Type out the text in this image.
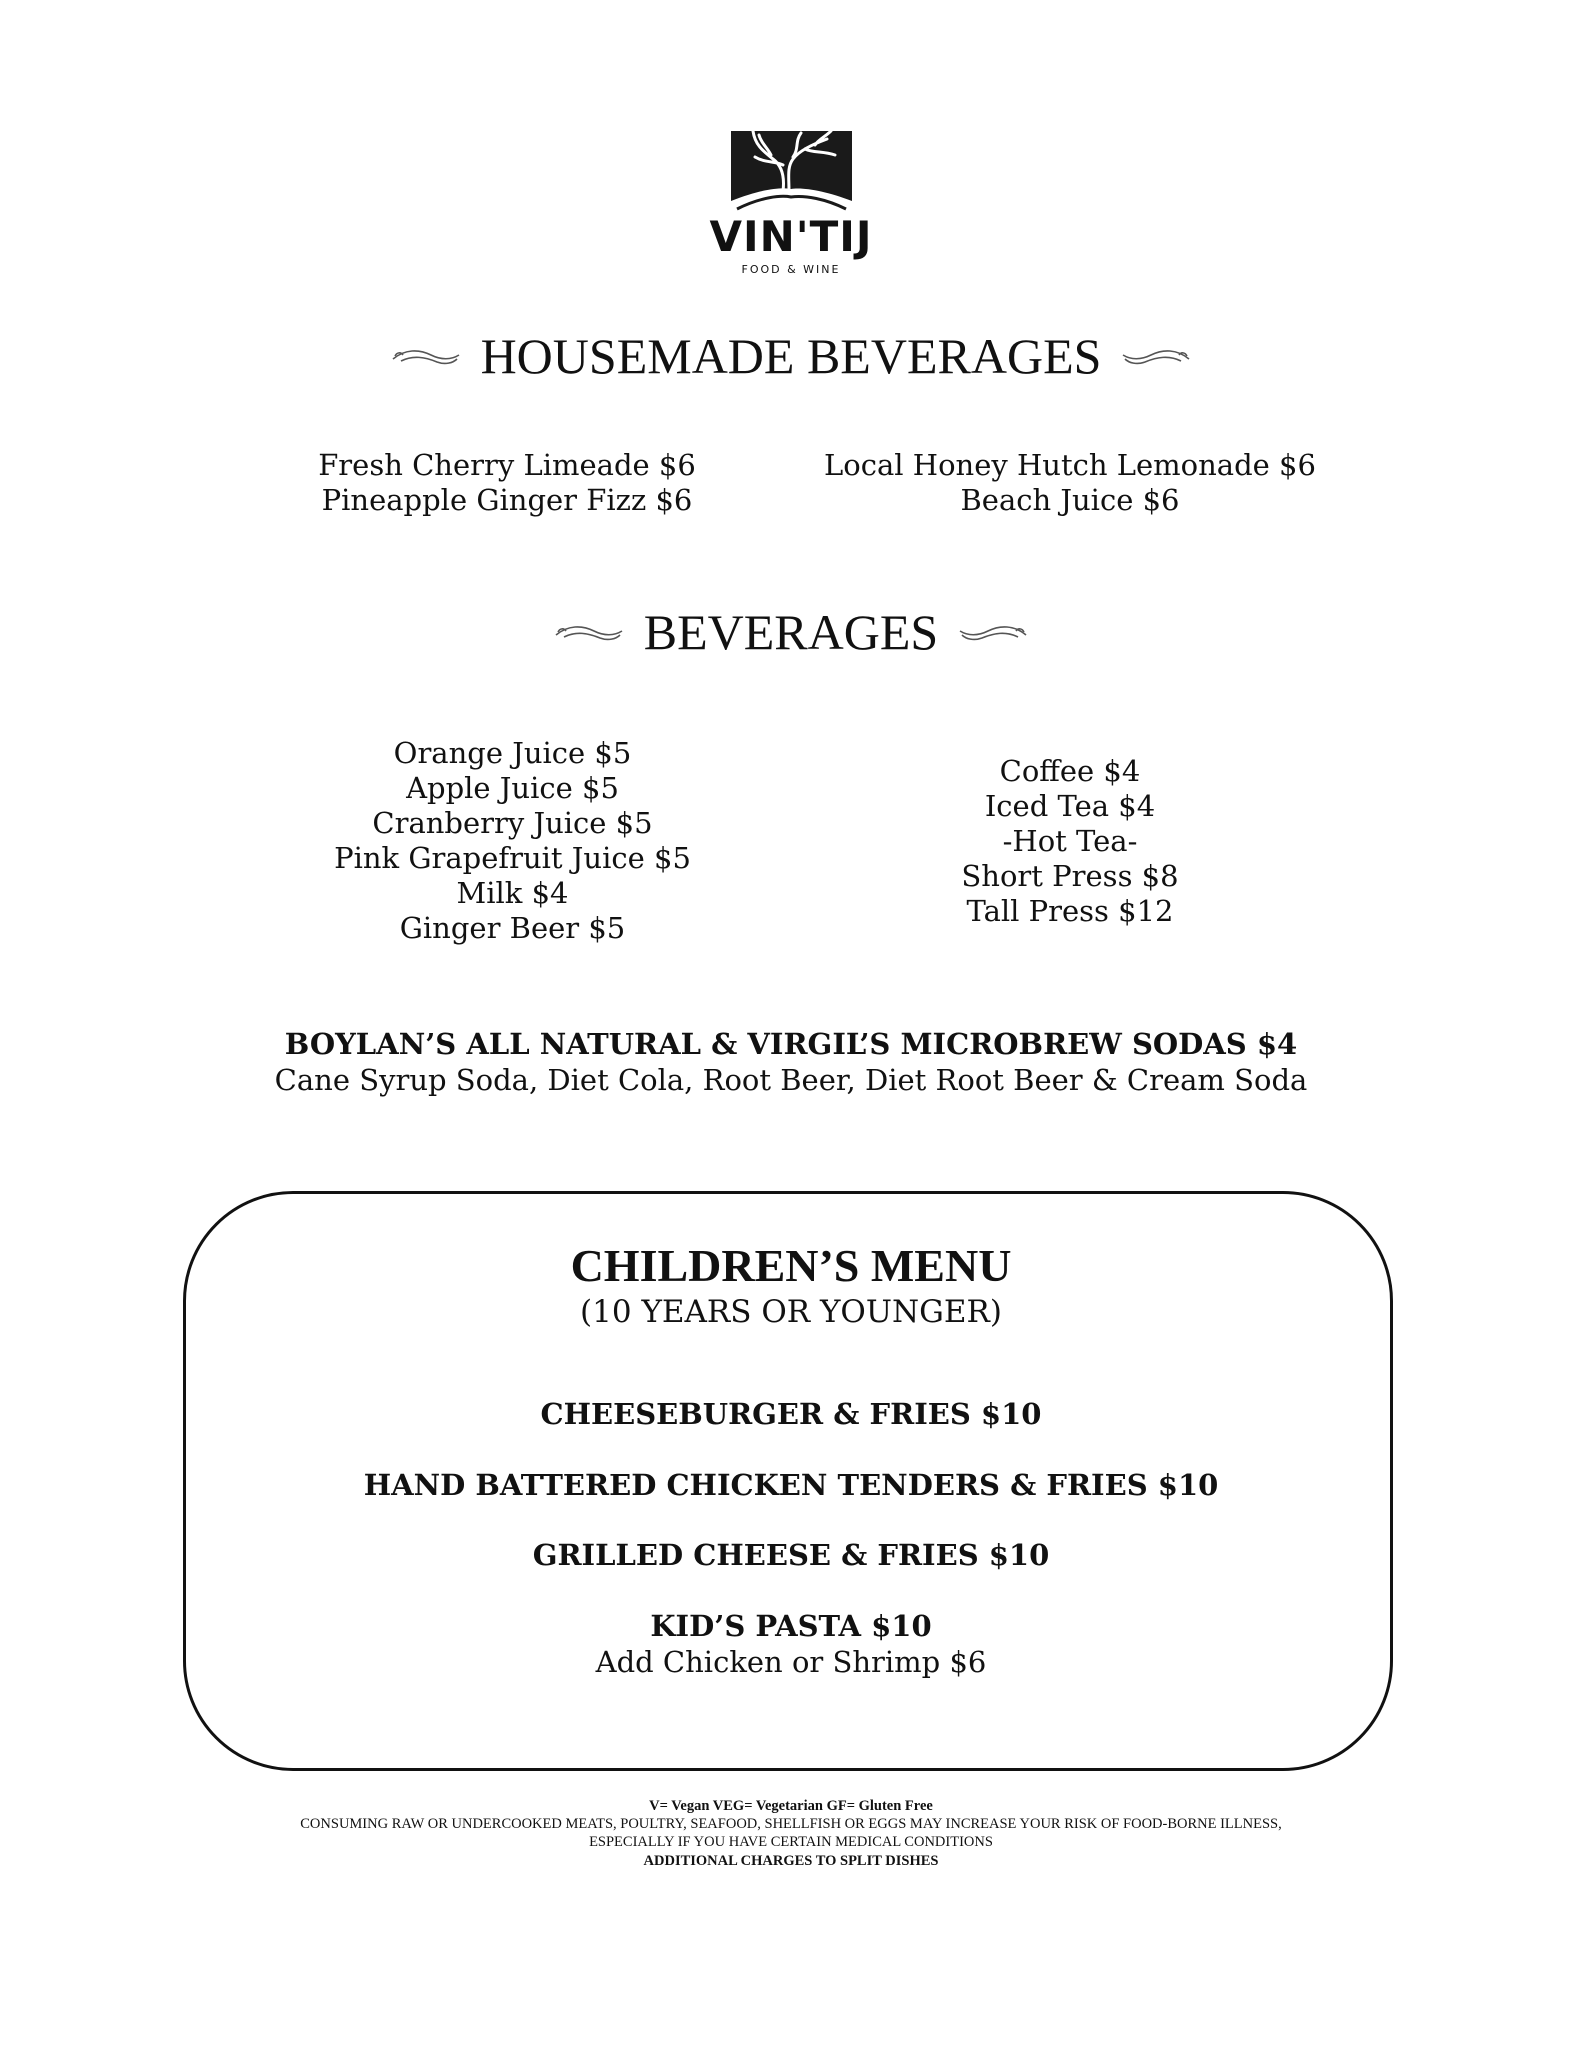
VIN'TIJ
FOOD & WINE
HOUSEMADE BEVERAGES
Fresh Cherry Limeade $6
Pineapple Ginger Fizz $6
Local Honey Hutch Lemonade $6
Beach Juice $6
BEVERAGES
Orange Juice $5
Apple Juice $5
Cranberry Juice $5
Pink Grapefruit Juice $5
Milk $4
Ginger Beer $5
Coffee $4
Iced Tea $4
-Hot Tea-
Short Press $8
Tall Press $12
BOYLAN’S ALL NATURAL & VIRGIL’S MICROBREW SODAS $4
Cane Syrup Soda, Diet Cola, Root Beer, Diet Root Beer & Cream Soda
CHILDREN’S MENU
(10 YEARS OR YOUNGER)
CHEESEBURGER & FRIES $10
HAND BATTERED CHICKEN TENDERS & FRIES $10
GRILLED CHEESE & FRIES $10
KID’S PASTA $10
Add Chicken or Shrimp $6
V= Vegan VEG= Vegetarian GF= Gluten Free
CONSUMING RAW OR UNDERCOOKED MEATS, POULTRY, SEAFOOD, SHELLFISH OR EGGS MAY INCREASE YOUR RISK OF FOOD-BORNE ILLNESS,
ESPECIALLY IF YOU HAVE CERTAIN MEDICAL CONDITIONS
ADDITIONAL CHARGES TO SPLIT DISHES
